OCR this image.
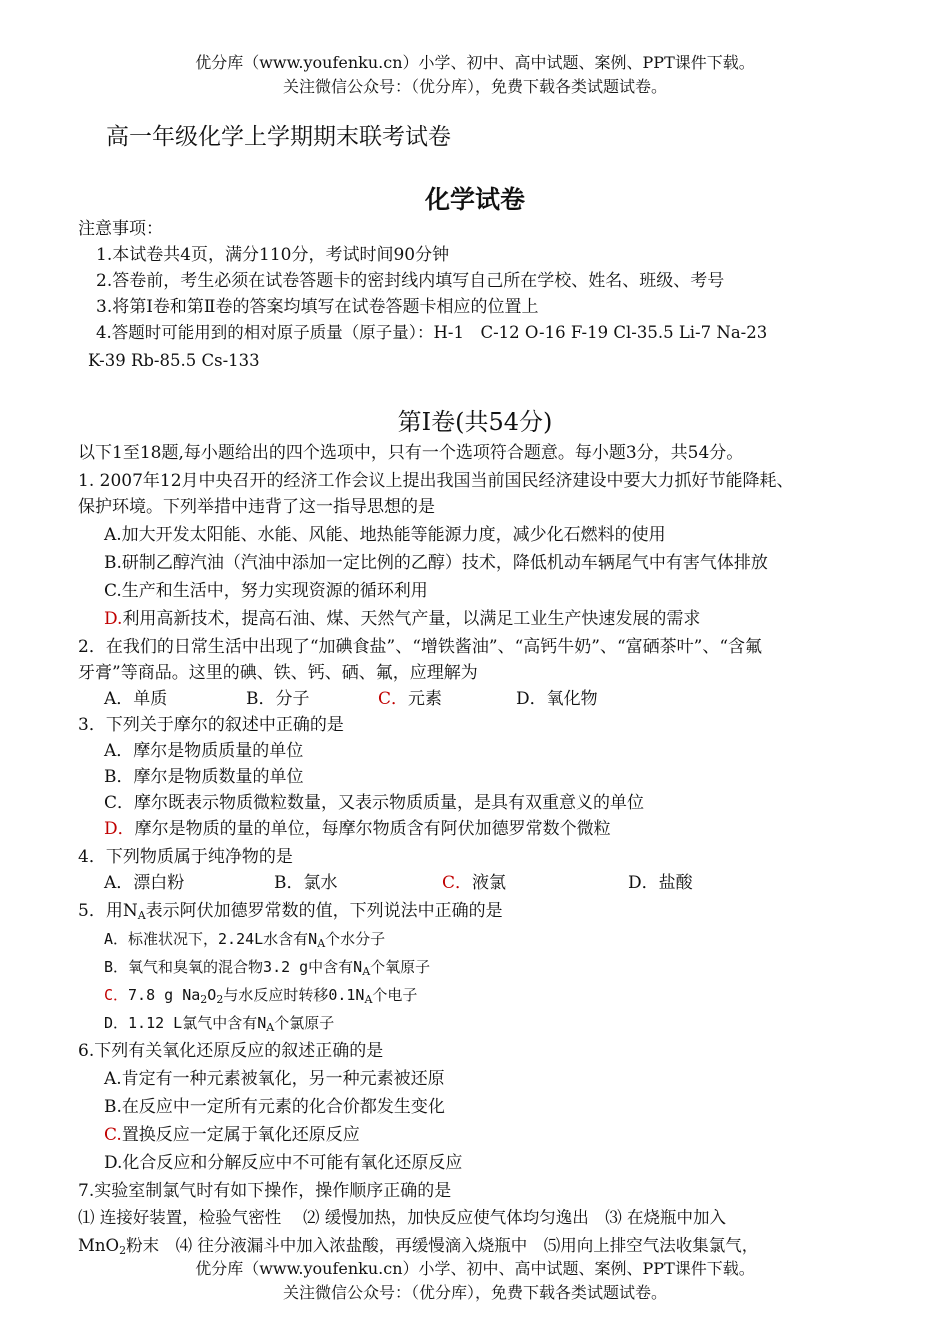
优分库（www.youfenku.cn）小学、初中、高中试题、案例、PPT课件下载。
关注微信公众号：（优分库），免费下载各类试题试卷。
高一年级化学上学期期末联考试卷
化学试卷
注意事项：
1.本试卷共4页，满分110分，考试时间90分钟
2.答卷前，考生必须在试卷答题卡的密封线内填写自己所在学校、姓名、班级、考号
3.将第Ⅰ卷和第Ⅱ卷的答案均填写在试卷答题卡相应的位置上
4.答题时可能用到的相对原子质量（原子量）：H-1　C-12 O-16 F-19 Cl-35.5 Li-7 Na-23
K-39 Rb-85.5 Cs-133
第Ⅰ卷(共54分)
以下1至18题,每小题给出的四个选项中，只有一个选项符合题意。每小题3分，共54分。
1. 2007年12月中央召开的经济工作会议上提出我国当前国民经济建设中要大力抓好节能降耗、
保护环境。下列举措中违背了这一指导思想的是
A.加大开发太阳能、水能、风能、地热能等能源力度，减少化石燃料的使用
B.研制乙醇汽油（汽油中添加一定比例的乙醇）技术，降低机动车辆尾气中有害气体排放
C.生产和生活中，努力实现资源的循环利用
D.利用高新技术，提高石油、煤、天然气产量，以满足工业生产快速发展的需求
2．在我们的日常生活中出现了“加碘食盐”、“增铁酱油”、“高钙牛奶”、“富硒茶叶”、“含氟
牙膏”等商品。这里的碘、铁、钙、硒、氟，应理解为
A．单质	B．分子	C．元素	D．氧化物
3．下列关于摩尔的叙述中正确的是
A．摩尔是物质质量的单位
B．摩尔是物质数量的单位
C．摩尔既表示物质微粒数量，又表示物质质量，是具有双重意义的单位
D．摩尔是物质的量的单位，每摩尔物质含有阿伏加德罗常数个微粒
4．下列物质属于纯净物的是
A．漂白粉	B．氯水	C．液氯	D．盐酸
5．用$N_A$表示阿伏加德罗常数的值，下列说法中正确的是
A．标准状况下，2.24L水含有$N_A$个水分子
B．氧气和臭氧的混合物3.2 g中含有$N_A$个氧原子
C．7.8 g $Na_2O_2$与水反应时转移$0.1N_A$个电子
D．1.12 L氯气中含有$N_A$个氯原子
6.下列有关氧化还原反应的叙述正确的是
A.肯定有一种元素被氧化，另一种元素被还原
B.在反应中一定所有元素的化合价都发生变化
C.置换反应一定属于氧化还原反应
D.化合反应和分解反应中不可能有氧化还原反应
7.实验室制氯气时有如下操作，操作顺序正确的是
⑴ 连接好装置，检验气密性　 ⑵ 缓慢加热，加快反应使气体均匀逸出　⑶ 在烧瓶中加入
MnO$_2$粉末　⑷ 往分液漏斗中加入浓盐酸，再缓慢滴入烧瓶中　⑸用向上排空气法收集氯气，
优分库（www.youfenku.cn）小学、初中、高中试题、案例、PPT课件下载。
关注微信公众号：（优分库），免费下载各类试题试卷。
